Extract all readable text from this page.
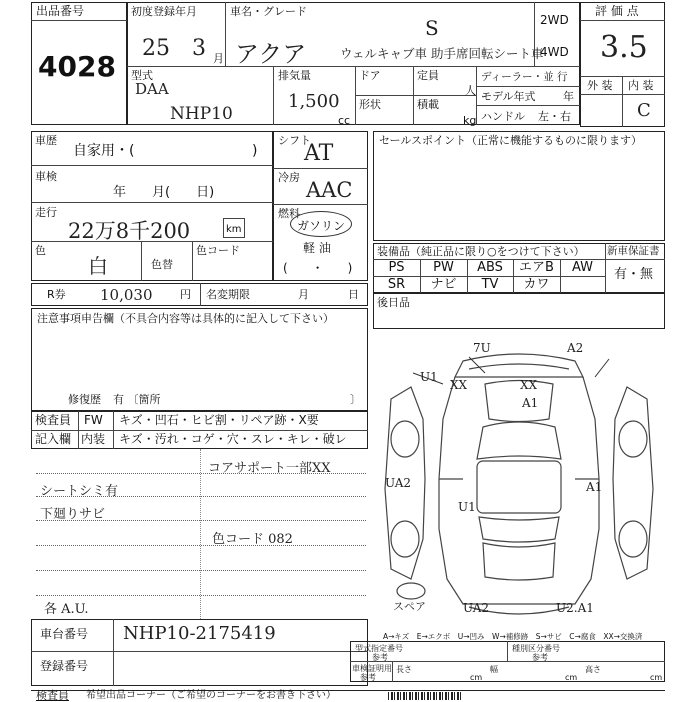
出品番号
4028
初度登録年月
25 3 月
車名・グレード
アクア
S
ウェルキャブ車 助手席回転シート車
2WD
4WD
評 価 点
3.5
外 装 内 装
C
型式
DAA
NHP10
排気量
1,500
cc
ドア
形状
定員
人
積載
kg
ディーラー・並 行
モデル年式	年
ハンドル 左・右
車歴
自家用・(	)
車検
年　　月(　　日)
走行
22万8千200	km
色
白	色替
色コード
シフト
AT
冷房
AAC
燃料
ガソリン
軽 油
(　　・　　)
セールスポイント（正常に機能するものに限ります）
装備品（純正品に限り○をつけて下さい） 新車保証書
有・無
PS	PW	ABS	エアB	AW
SR	ナビ	TV	カワ
R券 10,030	円 名変期限	月	日
後日品
注意事項申告欄（不具合内容等は具体的に記入して下さい）
修復歴 有 〔箇所	〕
検査員
記入欄
FW キズ・凹石・ヒビ割・リペア跡・X要
内装 キズ・汚れ・コゲ・穴・スレ・キレ・破レ
コアサポート一部XX
シートシミ有
下廻りサビ
色コード 082
各 A.U.
7U	A2
U1
XX	XX
A1
UA2	A1
U1
スペア	UA2	U2.A1
A→キズ　E→エクボ　U→凹み　W→補修跡　S→サビ　C→腐食　XX→交換済
車台番号 NHP10-2175419
登録番号
型式指定番号
参考
種別区分番号
参考
車検証明用
参考
長さ
cm
幅
cm
高さ
cm
検査員 希望出品コーナー（ご希望のコーナーをお書き下さい）
